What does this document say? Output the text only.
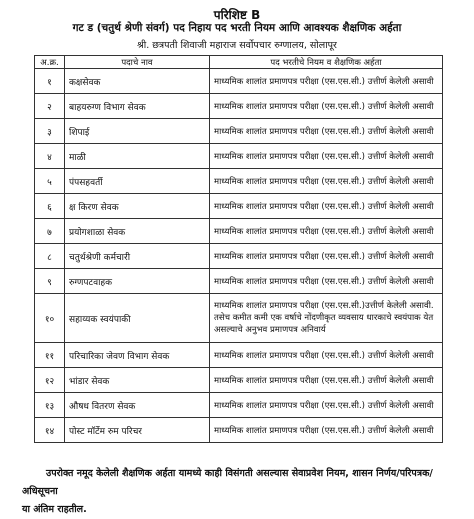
परिशिष्ट B
गट ड (चतुर्थ श्रेणी संवर्ग) पद निहाय पद भरती नियम आणि आवश्यक शैक्षणिक अर्हता
श्री. छत्रपती शिवाजी महाराज सर्वोपचार रुग्णालय, सोलापूर
अ.क्र.	पदाचे नाव	पद भरतीचे नियम व शैक्षणिक अर्हता
१	कक्षसेवक	माध्यमिक शालांत प्रमाणपत्र परीक्षा (एस.एस.सी.) उत्तीर्ण केलेली असावी
२	बाहयरुग्ण विभाग सेवक	माध्यमिक शालांत प्रमाणपत्र परीक्षा (एस.एस.सी.) उत्तीर्ण केलेली असावी
३	शिपाई	माध्यमिक शालांत प्रमाणपत्र परीक्षा (एस.एस.सी.) उत्तीर्ण केलेली असावी
४	माळी	माध्यमिक शालांत प्रमाणपत्र परीक्षा (एस.एस.सी.) उत्तीर्ण केलेली असावी
५	पंपसहवर्ती	माध्यमिक शालांत प्रमाणपत्र परीक्षा (एस.एस.सी.) उत्तीर्ण केलेली असावी
६	क्ष किरण सेवक	माध्यमिक शालांत प्रमाणपत्र परीक्षा (एस.एस.सी.) उत्तीर्ण केलेली असावी
७	प्रयोगशाळा सेवक	माध्यमिक शालांत प्रमाणपत्र परीक्षा (एस.एस.सी.) उत्तीर्ण केलेली असावी
८	चतुर्थश्रेणी कर्मचारी	माध्यमिक शालांत प्रमाणपत्र परीक्षा (एस.एस.सी.) उत्तीर्ण केलेली असावी
९	रुग्णपटवाहक	माध्यमिक शालांत प्रमाणपत्र परीक्षा (एस.एस.सी.) उत्तीर्ण केलेली असावी
१०	सहाय्यक स्वयंपाकी	माध्यमिक शालांत प्रमाणपत्र परीक्षा (एस.एस.सी.)उत्तीर्ण केलेली असावी. तसेच कमीत कमी एक वर्षाचे नोंदणीकृत व्यवसाय धारकाचे स्वयंपाक येत असल्याचे अनुभव प्रमाणपत्र अनिवार्य
११	परिचारिका जेवण विभाग सेवक	माध्यमिक शालांत प्रमाणपत्र परीक्षा (एस.एस.सी.) उत्तीर्ण केलेली असावी
१२	भांडार सेवक	माध्यमिक शालांत प्रमाणपत्र परीक्षा (एस.एस.सी.) उत्तीर्ण केलेली असावी
१३	औषध वितरण सेवक	माध्यमिक शालांत प्रमाणपत्र परीक्षा (एस.एस.सी.) उत्तीर्ण केलेली असावी
१४	पोस्ट मॉर्टेम रुम परिचर	माध्यमिक शालांत प्रमाणपत्र परीक्षा (एस.एस.सी.) उत्तीर्ण केलेली असावी
उपरोक्त नमूद केलेली शैक्षणिक अर्हता यामध्ये काही विसंगती असल्यास सेवाप्रवेश नियम, शासन निर्णय/परिपत्रक/अधिसूचना
या अंतिम राहतील.
